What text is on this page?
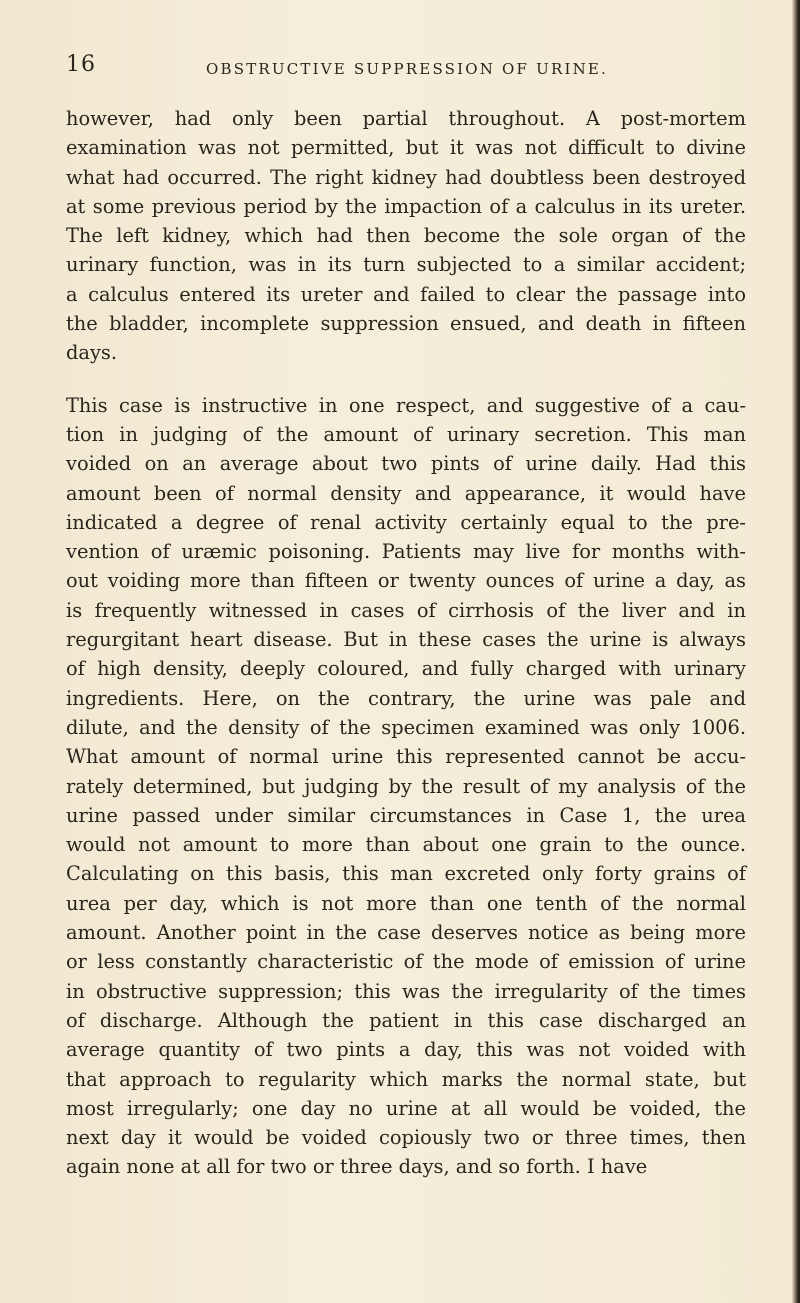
16	OBSTRUCTIVE SUPPRESSION OF URINE.
however, had only been partial throughout. A post-mortem
examination was not permitted, but it was not difficult to divine
what had occurred. The right kidney had doubtless been destroyed
at some previous period by the impaction of a calculus in its ureter.
The left kidney, which had then become the sole organ of the
urinary function, was in its turn subjected to a similar accident;
a calculus entered its ureter and failed to clear the passage into
the bladder, incomplete suppression ensued, and death in fifteen
days.
This case is instructive in one respect, and suggestive of a cau-
tion in judging of the amount of urinary secretion. This man
voided on an average about two pints of urine daily. Had this
amount been of normal density and appearance, it would have
indicated a degree of renal activity certainly equal to the pre-
vention of uræmic poisoning. Patients may live for months with-
out voiding more than fifteen or twenty ounces of urine a day, as
is frequently witnessed in cases of cirrhosis of the liver and in
regurgitant heart disease. But in these cases the urine is always
of high density, deeply coloured, and fully charged with urinary
ingredients. Here, on the contrary, the urine was pale and
dilute, and the density of the specimen examined was only 1006.
What amount of normal urine this represented cannot be accu-
rately determined, but judging by the result of my analysis of the
urine passed under similar circumstances in Case 1, the urea
would not amount to more than about one grain to the ounce.
Calculating on this basis, this man excreted only forty grains of
urea per day, which is not more than one tenth of the normal
amount. Another point in the case deserves notice as being more
or less constantly characteristic of the mode of emission of urine
in obstructive suppression; this was the irregularity of the times
of discharge. Although the patient in this case discharged an
average quantity of two pints a day, this was not voided with
that approach to regularity which marks the normal state, but
most irregularly; one day no urine at all would be voided, the
next day it would be voided copiously two or three times, then
again none at all for two or three days, and so forth. I have
